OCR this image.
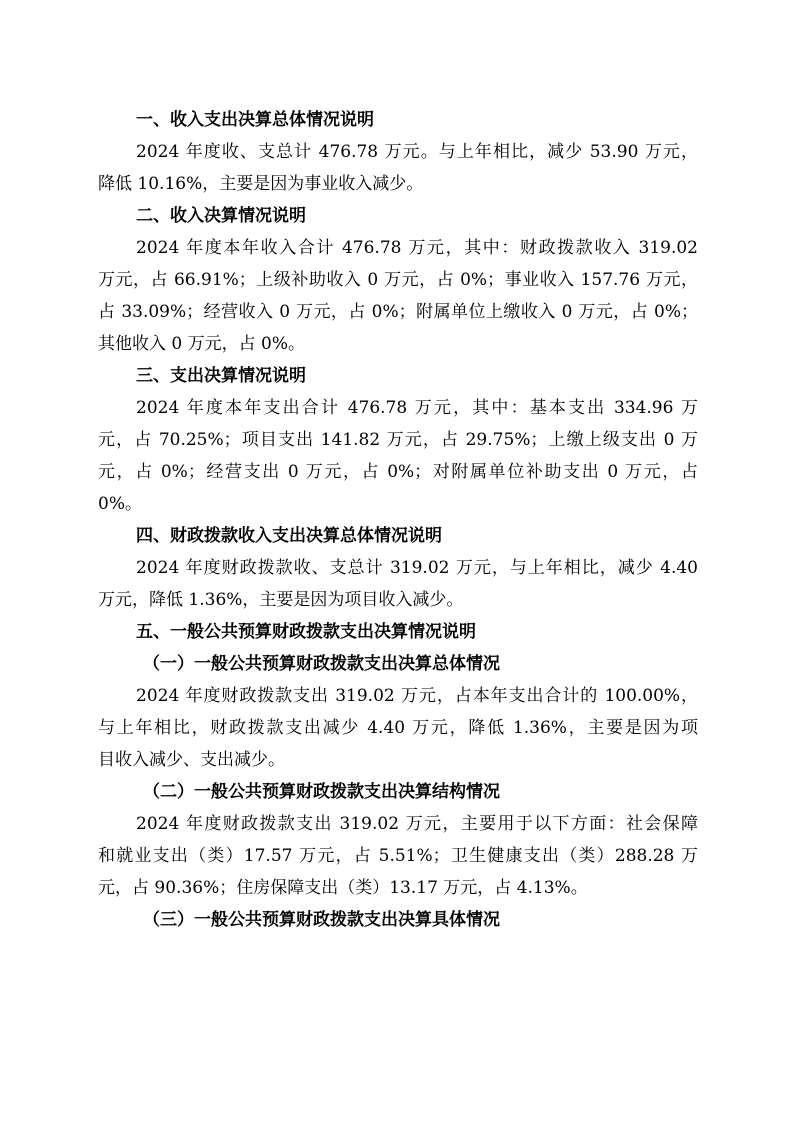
一、收入支出决算总体情况说明
2024 年度收、支总计 476.78 万元。与上年相比，减少 53.90 万元，
降低 10.16%，主要是因为事业收入减少。
二、收入决算情况说明
2024 年度本年收入合计 476.78 万元，其中：财政拨款收入 319.02
万元，占 66.91%；上级补助收入 0 万元，占 0%；事业收入 157.76 万元，
占 33.09%；经营收入 0 万元，占 0%；附属单位上缴收入 0 万元，占 0%；
其他收入 0 万元，占 0%。
三、支出决算情况说明
2024 年度本年支出合计 476.78 万元，其中：基本支出 334.96 万
元，占 70.25%；项目支出 141.82 万元，占 29.75%；上缴上级支出 0 万
元，占 0%；经营支出 0 万元，占 0%；对附属单位补助支出 0 万元，占
0%。
四、财政拨款收入支出决算总体情况说明
2024 年度财政拨款收、支总计 319.02 万元，与上年相比，减少 4.40
万元，降低 1.36%，主要是因为项目收入减少。
五、一般公共预算财政拨款支出决算情况说明
（一）一般公共预算财政拨款支出决算总体情况
2024 年度财政拨款支出 319.02 万元，占本年支出合计的 100.00%，
与上年相比，财政拨款支出减少 4.40 万元，降低 1.36%，主要是因为项
目收入减少、支出减少。
（二）一般公共预算财政拨款支出决算结构情况
2024 年度财政拨款支出 319.02 万元，主要用于以下方面：社会保障
和就业支出（类）17.57 万元，占 5.51%；卫生健康支出（类）288.28 万
元，占 90.36%；住房保障支出（类）13.17 万元，占 4.13%。
（三）一般公共预算财政拨款支出决算具体情况
